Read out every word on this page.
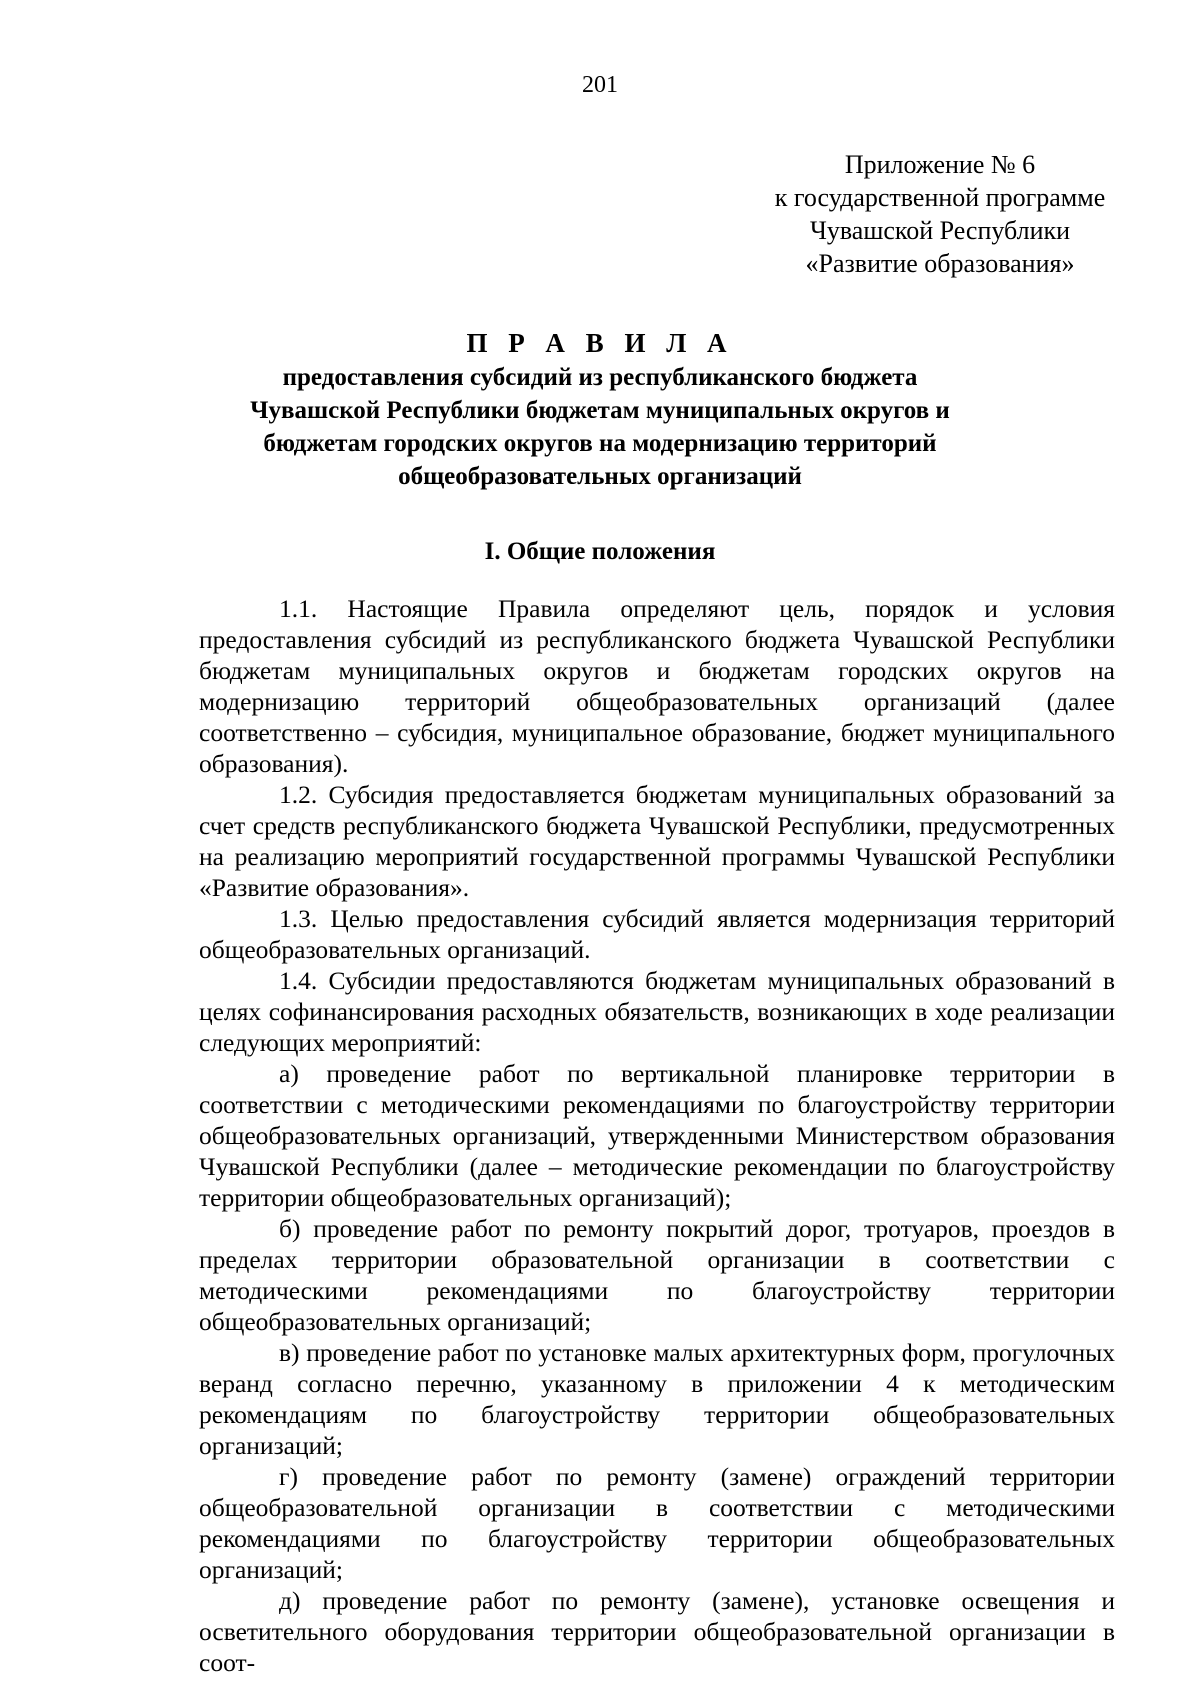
201
Приложение № 6
к государственной программе
Чувашской Республики
«Развитие образования»
П Р А В И Л А
предоставления субсидий из республиканского бюджета
Чувашской Республики бюджетам муниципальных округов и
бюджетам городских округов на модернизацию территорий
общеобразовательных организаций
I. Общие положения

1.1. Настоящие Правила определяют цель, порядок и условия предоставления субсидий из республиканского бюджета Чувашской Республики бюджетам муниципальных округов и бюджетам городских округов на модернизацию территорий общеобразовательных организаций (далее соответственно – субсидия, муниципальное образование, бюджет муниципального образования).

1.2. Субсидия предоставляется бюджетам муниципальных образований за счет средств республиканского бюджета Чувашской Республики, предусмотренных на реализацию мероприятий государственной программы Чувашской Республики «Развитие образования».

1.3. Целью предоставления субсидий является модернизация территорий общеобразовательных организаций.

1.4. Субсидии предоставляются бюджетам муниципальных образований в целях софинансирования расходных обязательств, возникающих в ходе реализации следующих мероприятий:

а) проведение работ по вертикальной планировке территории в соответствии с методическими рекомендациями по благоустройству территории общеобразовательных организаций, утвержденными Министерством образования Чувашской Республики (далее – методические рекомендации по благоустройству территории общеобразовательных организаций);

б) проведение работ по ремонту покрытий дорог, тротуаров, проездов в пределах территории образовательной организации в соответствии с методическими рекомендациями по благоустройству территории общеобразовательных организаций;

в) проведение работ по установке малых архитектурных форм, прогулочных веранд согласно перечню, указанному в приложении 4 к методическим рекомендациям по благоустройству территории общеобразовательных организаций;

г) проведение работ по ремонту (замене) ограждений территории общеобразовательной организации в соответствии с методическими рекомендациями по благоустройству территории общеобразовательных организаций;

д) проведение работ по ремонту (замене), установке освещения и осветительного оборудования территории общеобразовательной организации в соот-
